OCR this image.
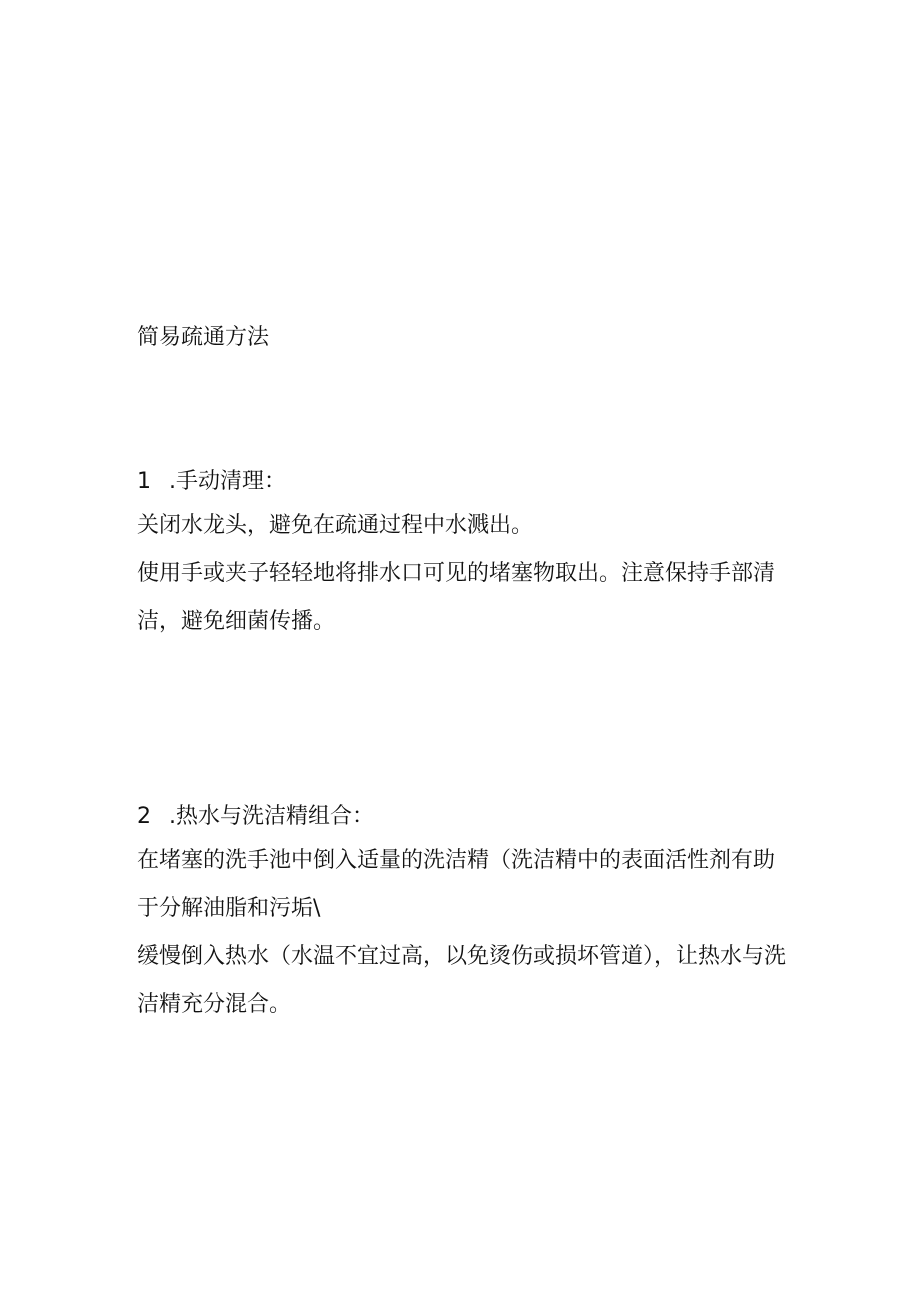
简易疏通方法
1 .手动清理：

关闭水龙头，避免在疏通过程中水溅出。

使用手或夹子轻轻地将排水口可见的堵塞物取出。注意保持手部清洁，避免细菌传播。

2 .热水与洗洁精组合：

在堵塞的洗手池中倒入适量的洗洁精（洗洁精中的表面活性剂有助于分解油脂和污垢\

缓慢倒入热水（水温不宜过高，以免烫伤或损坏管道），让热水与洗洁精充分混合。
